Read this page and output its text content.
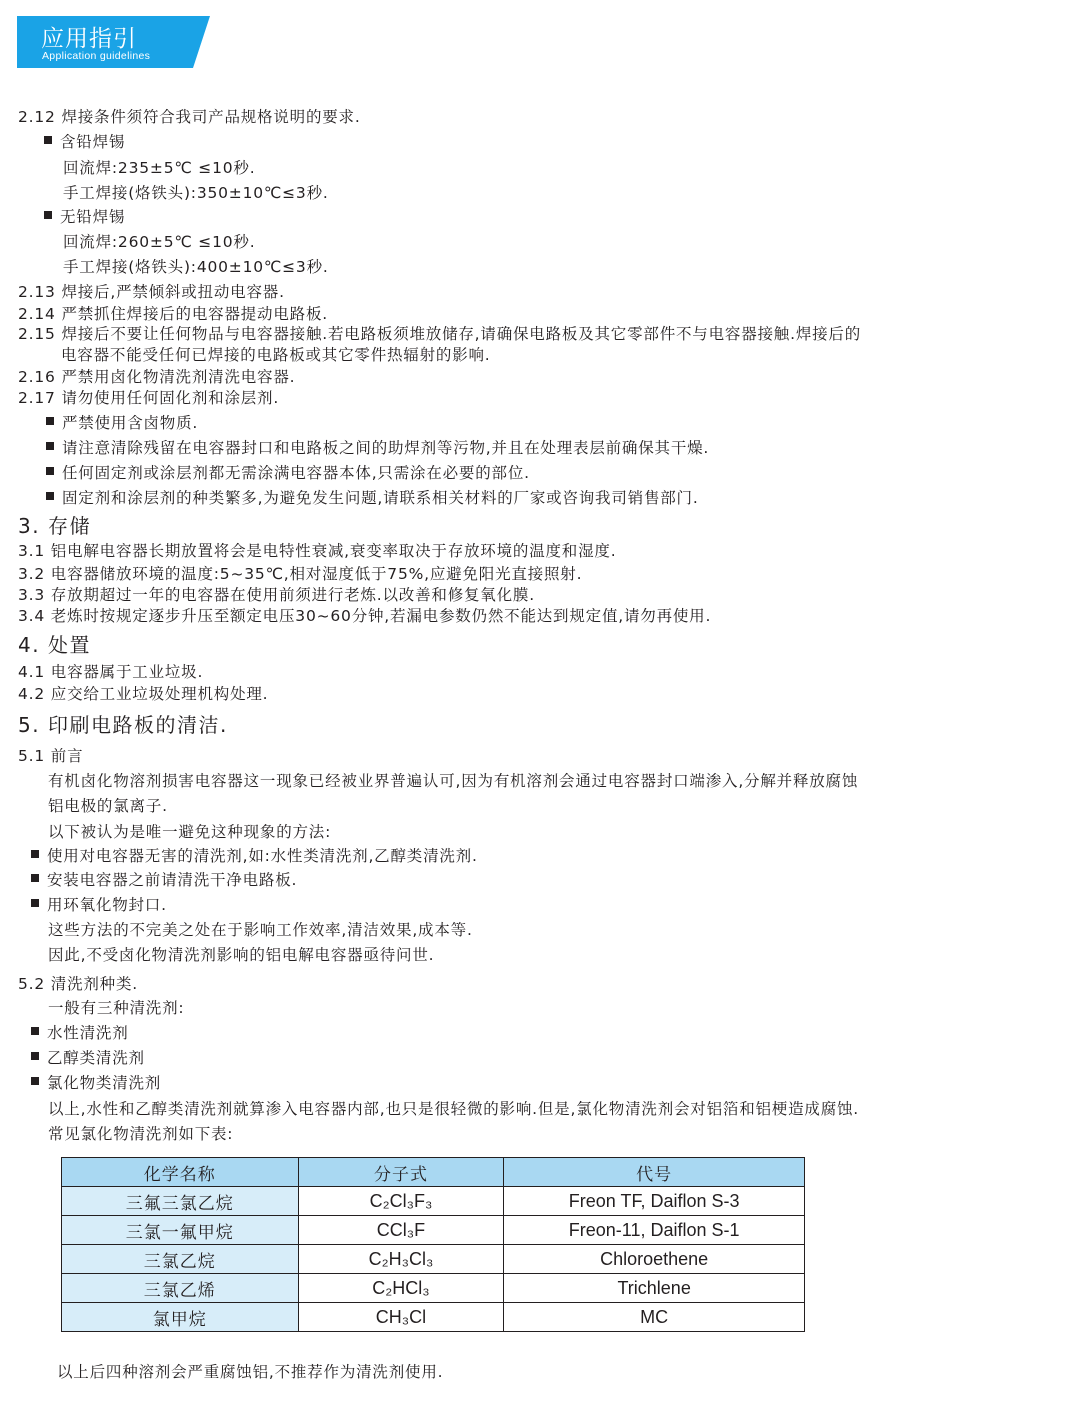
应用指引
Application guidelines
2.12 焊接条件须符合我司产品规格说明的要求.
含铅焊锡
回流焊:235±5℃ ≤10秒.
手工焊接(烙铁头):350±10℃≤3秒.
无铅焊锡
回流焊:260±5℃ ≤10秒.
手工焊接(烙铁头):400±10℃≤3秒.
2.13 焊接后,严禁倾斜或扭动电容器.
2.14 严禁抓住焊接后的电容器提动电路板.
2.15 焊接后不要让任何物品与电容器接触.若电路板须堆放储存,请确保电路板及其它零部件不与电容器接触.焊接后的
电容器不能受任何已焊接的电路板或其它零件热辐射的影响.
2.16 严禁用卤化物清洗剂清洗电容器.
2.17 请勿使用任何固化剂和涂层剂.
严禁使用含卤物质.
请注意清除残留在电容器封口和电路板之间的助焊剂等污物,并且在处理表层前确保其干燥.
任何固定剂或涂层剂都无需涂满电容器本体,只需涂在必要的部位.
固定剂和涂层剂的种类繁多,为避免发生问题,请联系相关材料的厂家或咨询我司销售部门.
3. 存储
3.1 铝电解电容器长期放置将会是电特性衰减,衰变率取决于存放环境的温度和湿度.
3.2 电容器储放环境的温度:5~35℃,相对湿度低于75%,应避免阳光直接照射.
3.3 存放期超过一年的电容器在使用前须进行老炼.以改善和修复氧化膜.
3.4 老炼时按规定逐步升压至额定电压30~60分钟,若漏电参数仍然不能达到规定值,请勿再使用.
4. 处置
4.1 电容器属于工业垃圾.
4.2 应交给工业垃圾处理机构处理.
5. 印刷电路板的清洁.
5.1 前言
有机卤化物溶剂损害电容器这一现象已经被业界普遍认可,因为有机溶剂会通过电容器封口端渗入,分解并释放腐蚀
铝电极的氯离子.
以下被认为是唯一避免这种现象的方法:
使用对电容器无害的清洗剂,如:水性类清洗剂,乙醇类清洗剂.
安装电容器之前请清洗干净电路板.
用环氧化物封口.
这些方法的不完美之处在于影响工作效率,清洁效果,成本等.
因此,不受卤化物清洗剂影响的铝电解电容器亟待问世.
5.2 清洗剂种类.
一般有三种清洗剂:
水性清洗剂
乙醇类清洗剂
氯化物类清洗剂
以上,水性和乙醇类清洗剂就算渗入电容器内部,也只是很轻微的影响.但是,氯化物清洗剂会对铝箔和铝梗造成腐蚀.
常见氯化物清洗剂如下表:
化学名称	分子式	代号
三氟三氯乙烷	C₂Cl₃F₃	Freon TF, Daiflon S-3
三氯一氟甲烷	CCl₃F	Freon-11, Daiflon S-1
三氯乙烷	C₂H₃Cl₃	Chloroethene
三氯乙烯	C₂HCl₃	Trichlene
氯甲烷	CH₃Cl	MC
以上后四种溶剂会严重腐蚀铝,不推荐作为清洗剂使用.
